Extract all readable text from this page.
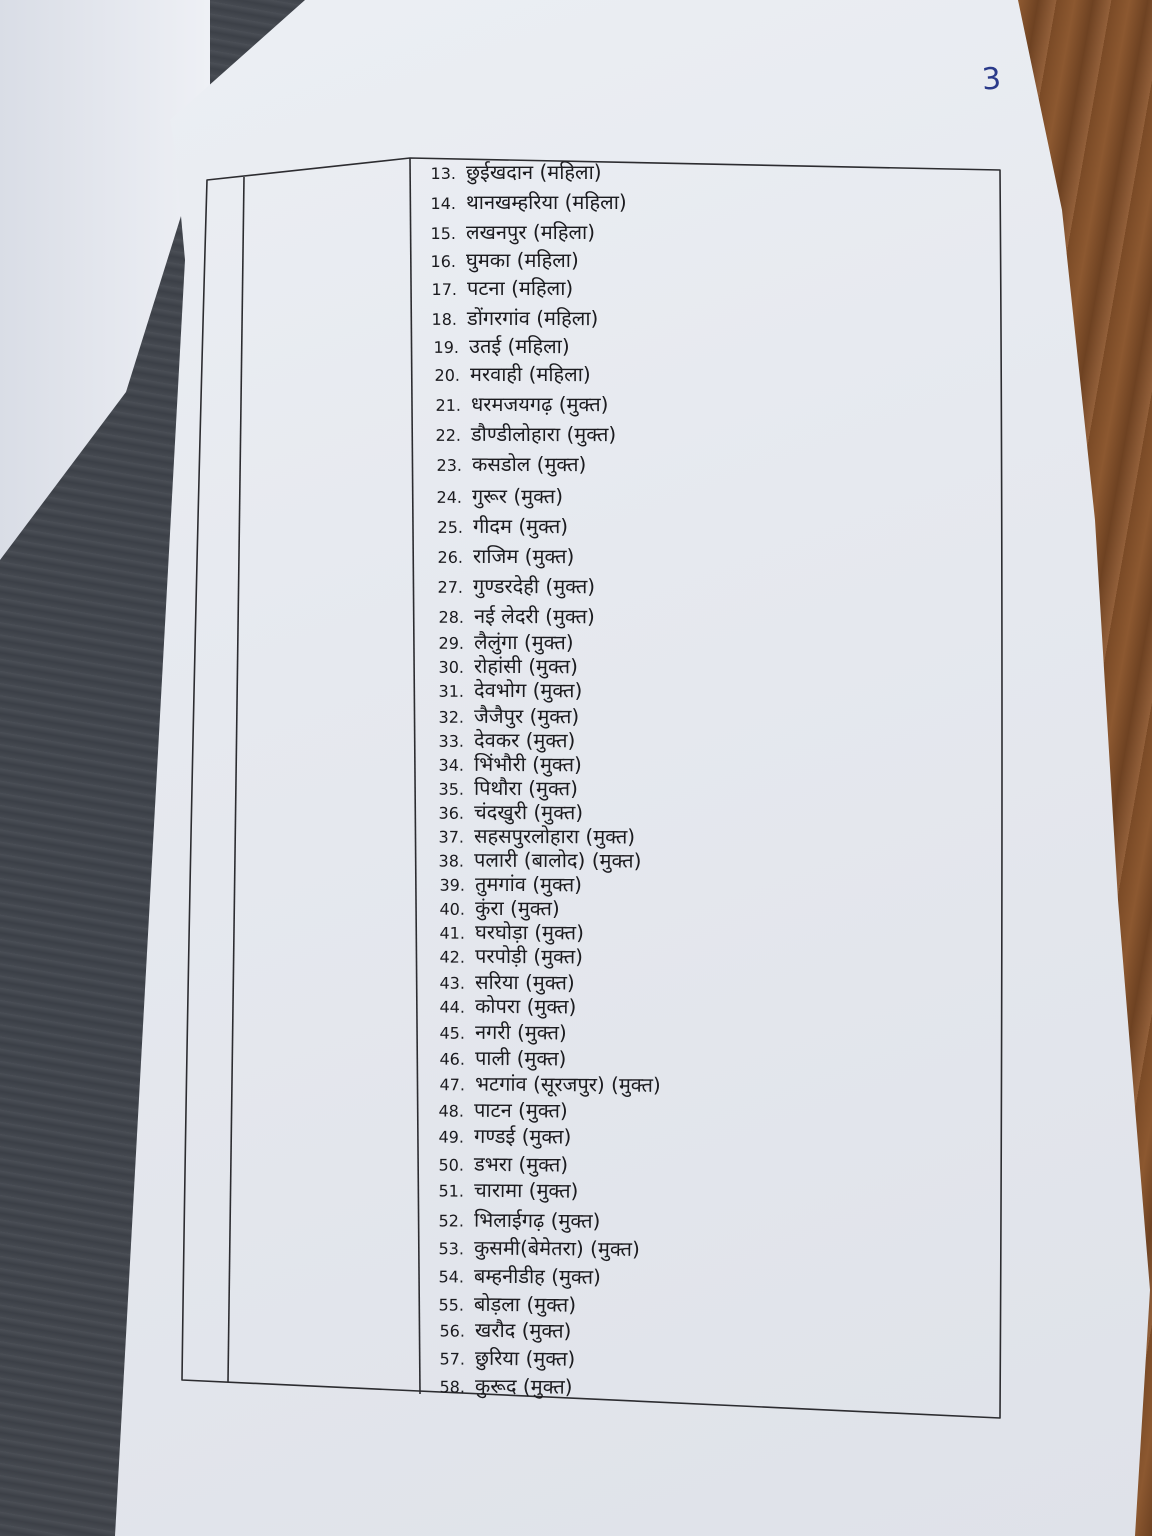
3
13. छुईखदान (महिला)
14. थानखम्हरिया (महिला)
15. लखनपुर (महिला)
16. घुमका (महिला)
17. पटना (महिला)
18. डोंगरगांव (महिला)
19. उतई (महिला)
20. मरवाही (महिला)
21. धरमजयगढ़ (मुक्त)
22. डौण्डीलोहारा (मुक्त)
23. कसडोल (मुक्त)
24. गुरूर (मुक्त)
25. गीदम (मुक्त)
26. राजिम (मुक्त)
27. गुण्डरदेही (मुक्त)
28. नई लेदरी (मुक्त)
29. लैलुंगा (मुक्त)
30. रोहांसी (मुक्त)
31. देवभोग (मुक्त)
32. जैजैपुर (मुक्त)
33. देवकर (मुक्त)
34. भिंभौरी (मुक्त)
35. पिथौरा (मुक्त)
36. चंदखुरी (मुक्त)
37. सहसपुरलोहारा (मुक्त)
38. पलारी (बालोद) (मुक्त)
39. तुमगांव (मुक्त)
40. कुंरा (मुक्त)
41. घरघोड़ा (मुक्त)
42. परपोड़ी (मुक्त)
43. सरिया (मुक्त)
44. कोपरा (मुक्त)
45. नगरी (मुक्त)
46. पाली (मुक्त)
47. भटगांव (सूरजपुर) (मुक्त)
48. पाटन (मुक्त)
49. गण्डई (मुक्त)
50. डभरा (मुक्त)
51. चारामा (मुक्त)
52. भिलाईगढ़ (मुक्त)
53. कुसमी(बेमेतरा) (मुक्त)
54. बम्हनीडीह (मुक्त)
55. बोड़ला (मुक्त)
56. खरौद (मुक्त)
57. छुरिया (मुक्त)
58. कुरूद (मुक्त)
